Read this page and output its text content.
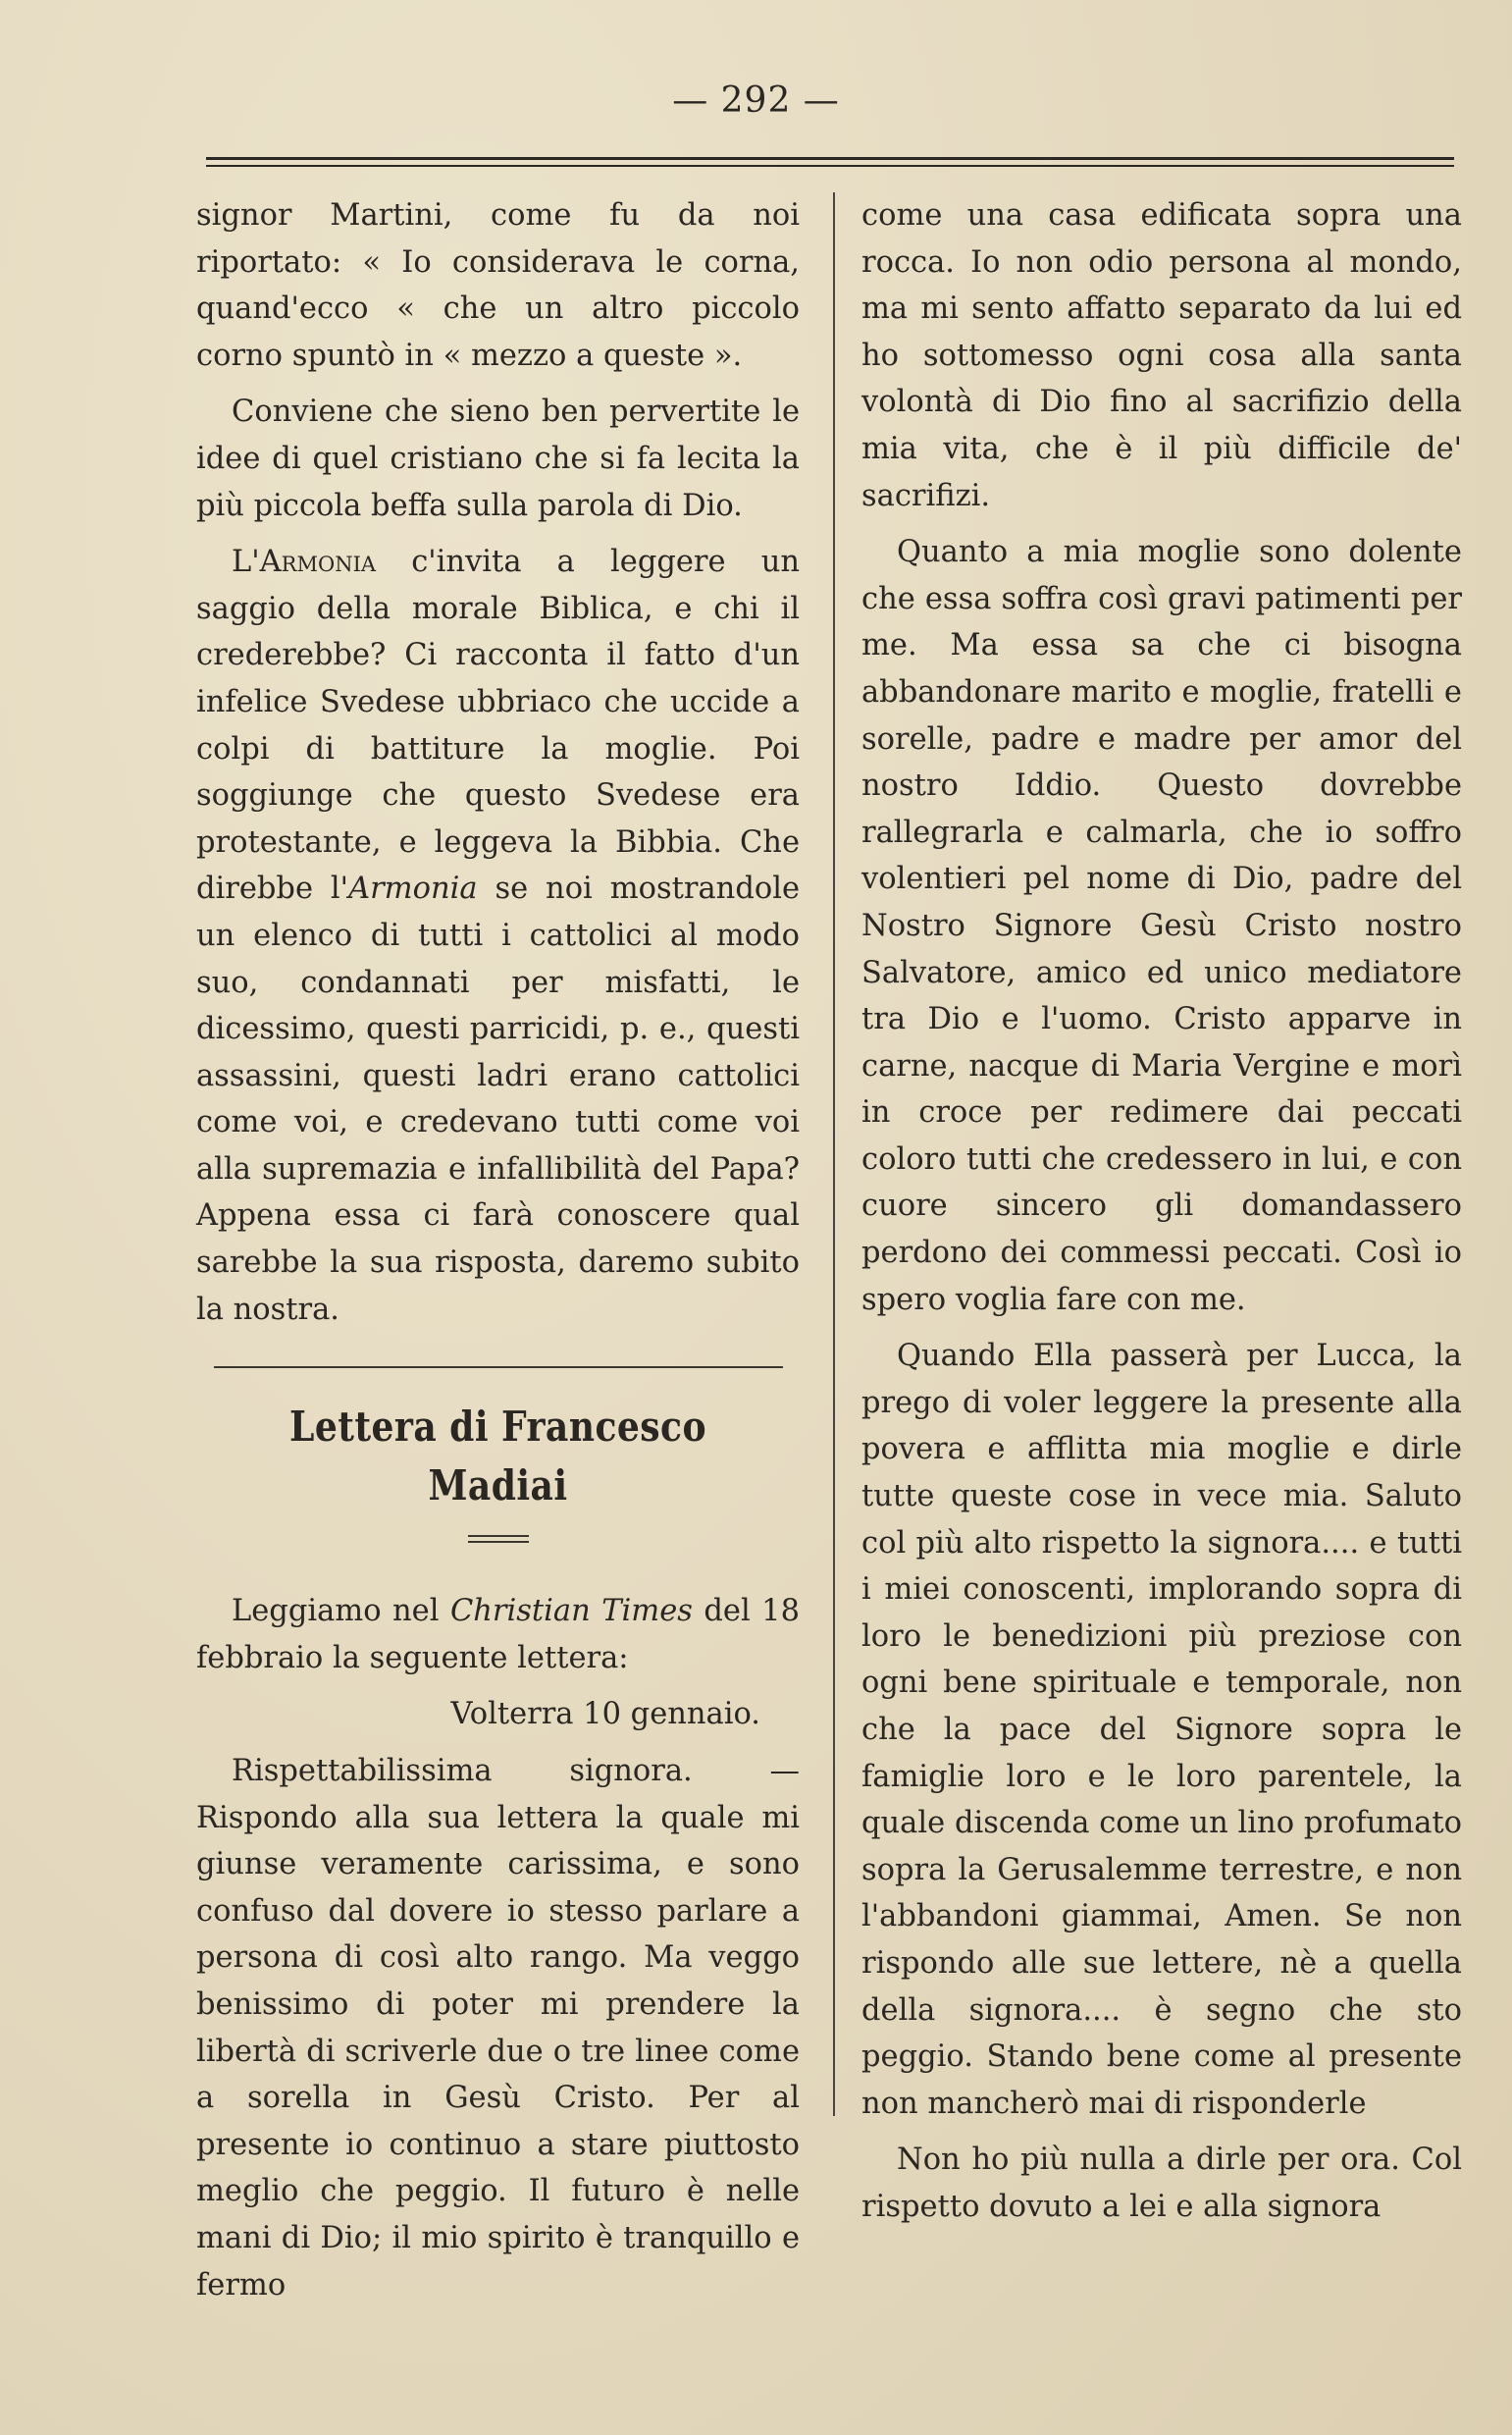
— 292 —

signor Martini, come fu da noi riportato: « Io considerava le corna, quand'ecco « che un altro piccolo corno spuntò in « mezzo a queste ».

Conviene che sieno ben pervertite le idee di quel cristiano che si fa lecita la più piccola beffa sulla parola di Dio.

L'Armonia c'invita a leggere un saggio della morale Biblica, e chi il crederebbe? Ci racconta il fatto d'un infelice Svedese ubbriaco che uccide a colpi di battiture la moglie. Poi soggiunge che questo Svedese era protestante, e leggeva la Bibbia. Che direbbe l'Armonia se noi mostrandole un elenco di tutti i cattolici al modo suo, condannati per misfatti, le dicessimo, questi parricidi, p. e., questi assassini, questi ladri erano cattolici come voi, e credevano tutti come voi alla supremazia e infallibilità del Papa? Appena essa ci farà conoscere qual sarebbe la sua risposta, daremo subito la nostra.

Lettera di Francesco Madiai

Leggiamo nel Christian Times del 18 febbraio la seguente lettera:

Volterra 10 gennaio.

Rispettabilissima signora. — Rispondo alla sua lettera la quale mi giunse veramente carissima, e sono confuso dal dovere io stesso parlare a persona di così alto rango. Ma veggo benissimo di poter mi prendere la libertà di scriverle due o tre linee come a sorella in Gesù Cristo. Per al presente io continuo a stare piuttosto meglio che peggio. Il futuro è nelle mani di Dio; il mio spirito è tranquillo e fermo

come una casa edificata sopra una rocca. Io non odio persona al mondo, ma mi sento affatto separato da lui ed ho sottomesso ogni cosa alla santa volontà di Dio fino al sacrifizio della mia vita, che è il più difficile de' sacrifizi.

Quanto a mia moglie sono dolente che essa soffra così gravi patimenti per me. Ma essa sa che ci bisogna abbandonare marito e moglie, fratelli e sorelle, padre e madre per amor del nostro Iddio. Questo dovrebbe rallegrarla e calmarla, che io soffro volentieri pel nome di Dio, padre del Nostro Signore Gesù Cristo nostro Salvatore, amico ed unico mediatore tra Dio e l'uomo. Cristo apparve in carne, nacque di Maria Vergine e morì in croce per redimere dai peccati coloro tutti che credessero in lui, e con cuore sincero gli domandassero perdono dei commessi peccati. Così io spero voglia fare con me.

Quando Ella passerà per Lucca, la prego di voler leggere la presente alla povera e afflitta mia moglie e dirle tutte queste cose in vece mia. Saluto col più alto rispetto la signora.... e tutti i miei conoscenti, implorando sopra di loro le benedizioni più preziose con ogni bene spirituale e temporale, non che la pace del Signore sopra le famiglie loro e le loro parentele, la quale discenda come un lino profumato sopra la Gerusalemme terrestre, e non l'abbandoni giammai, Amen. Se non rispondo alle sue lettere, nè a quella della signora.... è segno che sto peggio. Stando bene come al presente non mancherò mai di risponderle

Non ho più nulla a dirle per ora. Col rispetto dovuto a lei e alla signora
